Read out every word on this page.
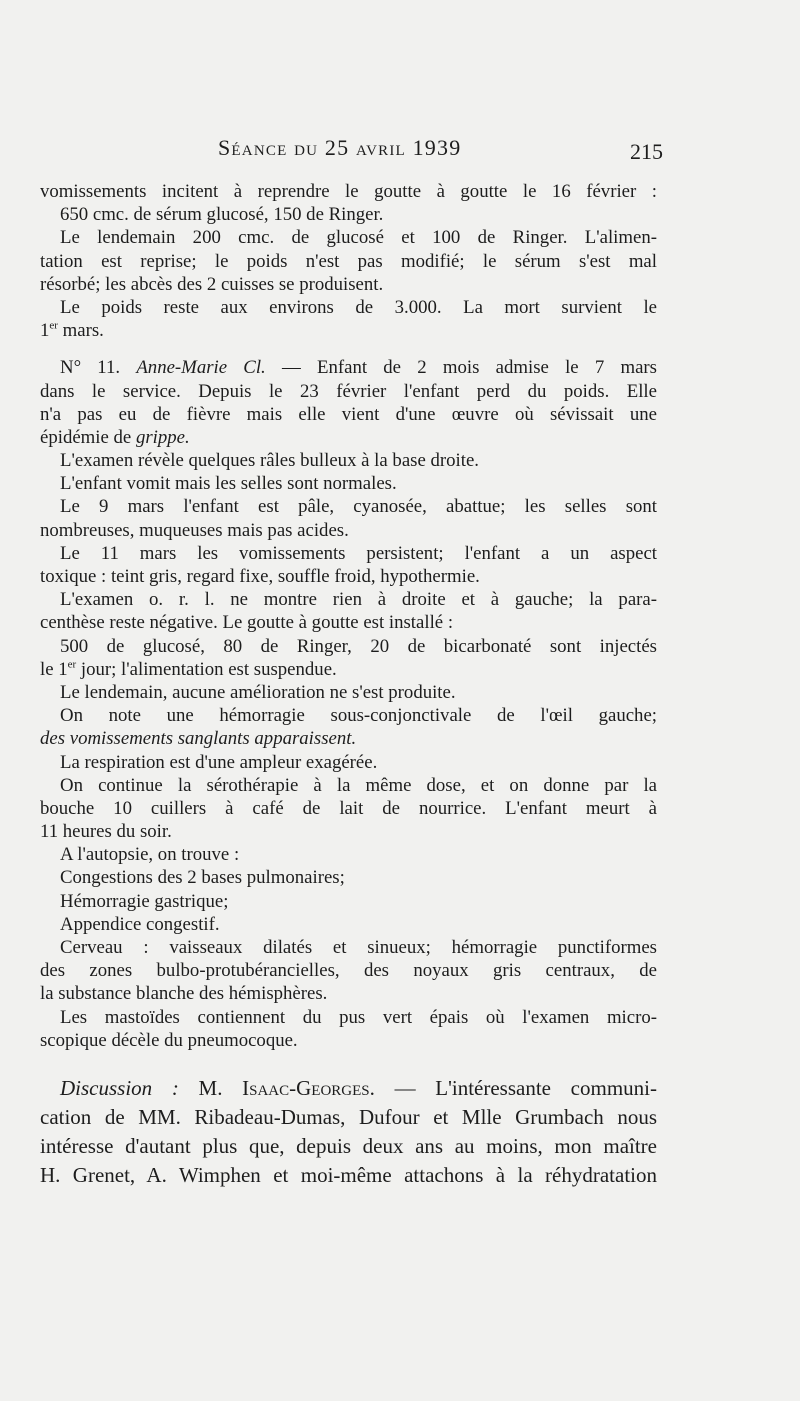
Séance du 25 avril 1939	215
vomissements incitent à reprendre le goutte à goutte le 16 février :
650 cmc. de sérum glucosé, 150 de Ringer.
Le lendemain 200 cmc. de glucosé et 100 de Ringer. L'alimen-
tation est reprise; le poids n'est pas modifié; le sérum s'est mal
résorbé; les abcès des 2 cuisses se produisent.
Le poids reste aux environs de 3.000. La mort survient le
1er mars.
N° 11. Anne-Marie Cl. — Enfant de 2 mois admise le 7 mars
dans le service. Depuis le 23 février l'enfant perd du poids. Elle
n'a pas eu de fièvre mais elle vient d'une œuvre où sévissait une
épidémie de grippe.
L'examen révèle quelques râles bulleux à la base droite.
L'enfant vomit mais les selles sont normales.
Le 9 mars l'enfant est pâle, cyanosée, abattue; les selles sont
nombreuses, muqueuses mais pas acides.
Le 11 mars les vomissements persistent; l'enfant a un aspect
toxique : teint gris, regard fixe, souffle froid, hypothermie.
L'examen o. r. l. ne montre rien à droite et à gauche; la para-
centhèse reste négative. Le goutte à goutte est installé :
500 de glucosé, 80 de Ringer, 20 de bicarbonaté sont injectés
le 1er jour; l'alimentation est suspendue.
Le lendemain, aucune amélioration ne s'est produite.
On note une hémorragie sous-conjonctivale de l'œil gauche;
des vomissements sanglants apparaissent.
La respiration est d'une ampleur exagérée.
On continue la sérothérapie à la même dose, et on donne par la
bouche 10 cuillers à café de lait de nourrice. L'enfant meurt à
11 heures du soir.
A l'autopsie, on trouve :
Congestions des 2 bases pulmonaires;
Hémorragie gastrique;
Appendice congestif.
Cerveau : vaisseaux dilatés et sinueux; hémorragie punctiformes
des zones bulbo-protubérancielles, des noyaux gris centraux, de
la substance blanche des hémisphères.
Les mastoïdes contiennent du pus vert épais où l'examen micro-
scopique décèle du pneumocoque.
Discussion : M. Isaac-Georges. — L'intéressante communi-
cation de MM. Ribadeau-Dumas, Dufour et Mlle Grumbach nous
intéresse d'autant plus que, depuis deux ans au moins, mon maître
H. Grenet, A. Wimphen et moi-même attachons à la réhydratation
